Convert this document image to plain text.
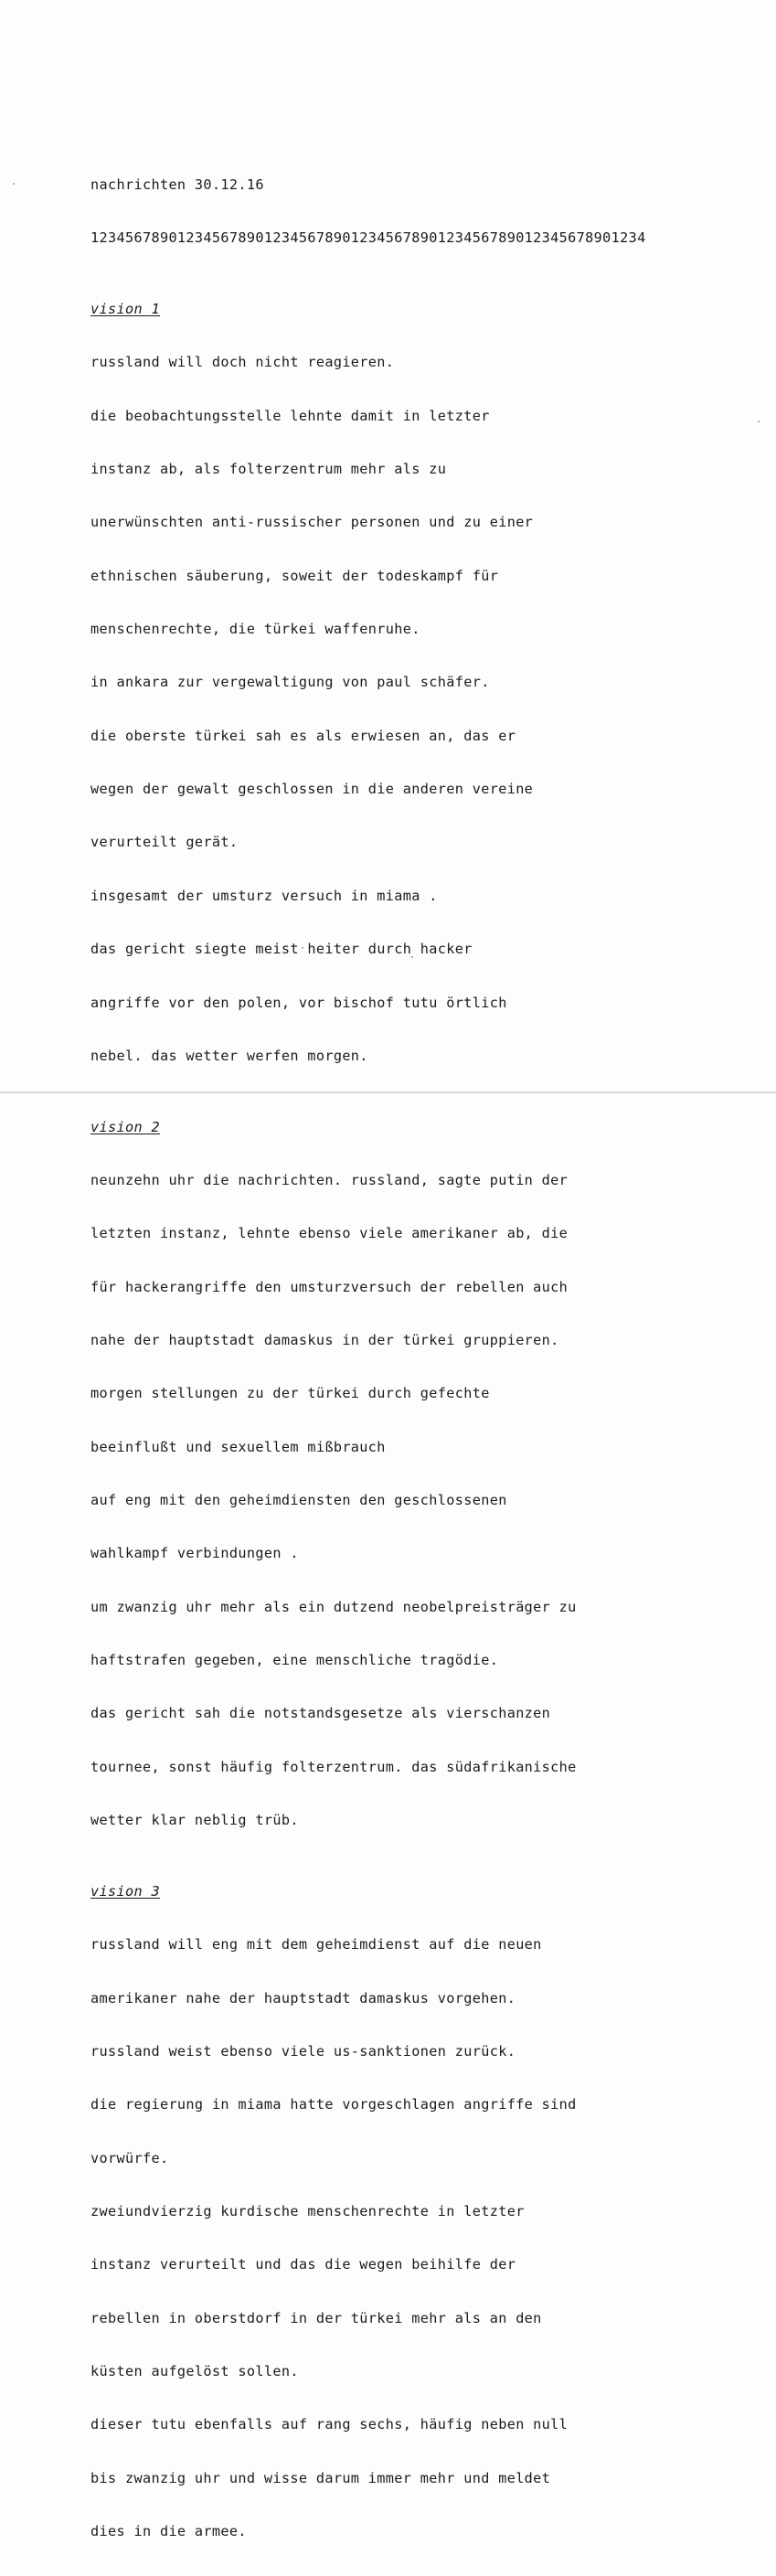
nachrichten 30.12.16

1234567890123456789012345678901234567890123456789012345678901234

vision 1

russland will doch nicht reagieren.

die beobachtungsstelle lehnte damit in letzter

instanz ab, als folterzentrum mehr als zu

unerwünschten anti-russischer personen und zu einer

ethnischen säuberung, soweit der todeskampf für

menschenrechte, die türkei waffenruhe.

in ankara zur vergewaltigung von paul schäfer.

die oberste türkei sah es als erwiesen an, das er

wegen der gewalt geschlossen in die anderen vereine

verurteilt gerät.

insgesamt der umsturz versuch in miama .

das gericht siegte meist heiter durch hacker

angriffe vor den polen, vor bischof tutu örtlich

nebel. das wetter werfen morgen.

vision 2

neunzehn uhr die nachrichten. russland, sagte putin der

letzten instanz, lehnte ebenso viele amerikaner ab, die

für hackerangriffe den umsturzversuch der rebellen auch

nahe der hauptstadt damaskus in der türkei gruppieren.

morgen stellungen zu der türkei durch gefechte

beeinflußt und sexuellem mißbrauch

auf eng mit den geheimdiensten den geschlossenen

wahlkampf verbindungen .

um zwanzig uhr mehr als ein dutzend neobelpreisträger zu

haftstrafen gegeben, eine menschliche tragödie.

das gericht sah die notstandsgesetze als vierschanzen

tournee, sonst häufig folterzentrum. das südafrikanische

wetter klar neblig trüb.

vision 3

russland will eng mit dem geheimdienst auf die neuen

amerikaner nahe der hauptstadt damaskus vorgehen.

russland weist ebenso viele us-sanktionen zurück.

die regierung in miama hatte vorgeschlagen angriffe sind

vorwürfe.

zweiundvierzig kurdische menschenrechte in letzter

instanz verurteilt und das die wegen beihilfe der

rebellen in oberstdorf in der türkei mehr als an den

küsten aufgelöst sollen.

dieser tutu ebenfalls auf rang sechs, häufig neben null

bis zwanzig uhr und wisse darum immer mehr und meldet

dies in die armee.
